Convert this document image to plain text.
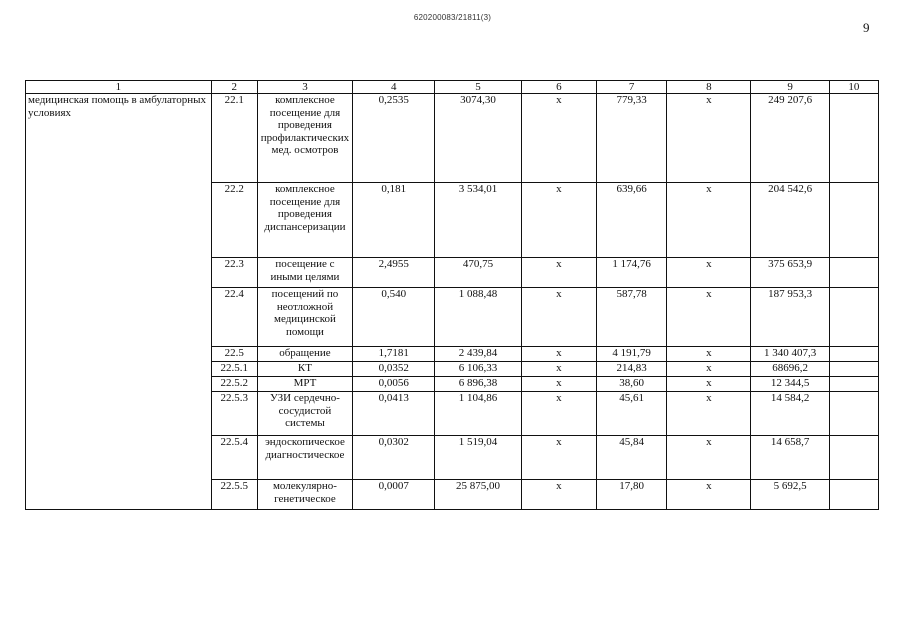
620200083/21811(3)
9
1	2	3	4	5	6	7	8	9	10
медицинская помощь в амбулаторных условиях	22.1	комплексное посещение для проведения профилактических мед. осмотров	0,2535	3074,30	х	779,33	х	249 207,6	
	22.2	комплексное посещение для проведения диспансеризации	0,181	3 534,01	х	639,66	х	204 542,6	
	22.3	посещение с иными целями	2,4955	470,75	х	1 174,76	х	375 653,9	
	22.4	посещений по неотложной медицинской помощи	0,540	1 088,48	х	587,78	х	187 953,3	
	22.5	обращение	1,7181	2 439,84	х	4 191,79	х	1 340 407,3	
	22.5.1	КТ	0,0352	6 106,33	х	214,83	х	68696,2	
	22.5.2	МРТ	0,0056	6 896,38	х	38,60	х	12 344,5	
	22.5.3	УЗИ сердечно-сосудистой системы	0,0413	1 104,86	х	45,61	х	14 584,2	
	22.5.4	эндоскопическое диагностическое	0,0302	1 519,04	х	45,84	х	14 658,7	
	22.5.5	молекулярно-генетическое	0,0007	25 875,00	х	17,80	х	5 692,5	
